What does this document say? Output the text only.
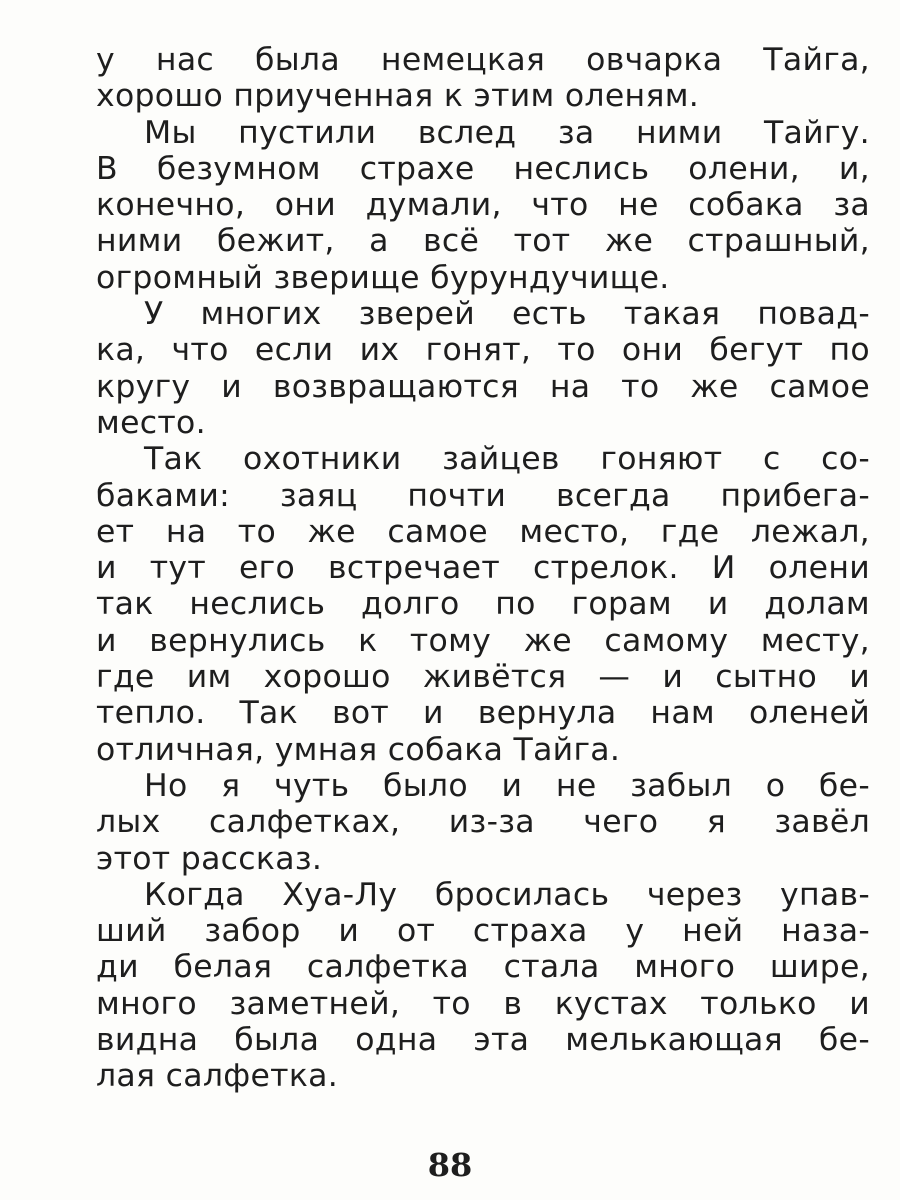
у нас была немецкая овчарка Тайга,
хорошо приученная к этим оленям.
Мы пустили вслед за ними Тайгу.
В безумном страхе неслись олени, и,
конечно, они думали, что не собака за
ними бежит, а всё тот же страшный,
огромный зверище бурундучище.
У многих зверей есть такая повад-
ка, что если их гонят, то они бегут по
кругу и возвращаются на то же самое
место.
Так охотники зайцев гоняют с со-
баками: заяц почти всегда прибега-
ет на то же самое место, где лежал,
и тут его встречает стрелок. И олени
так неслись долго по горам и долам
и вернулись к тому же самому месту,
где им хорошо живётся — и сытно и
тепло. Так вот и вернула нам оленей
отличная, умная собака Тайга.
Но я чуть было и не забыл о бе-
лых салфетках, из-за чего я завёл
этот рассказ.
Когда Хуа-Лу бросилась через упав-
ший забор и от страха у ней наза-
ди белая салфетка стала много шире,
много заметней, то в кустах только и
видна была одна эта мелькающая бе-
лая салфетка.
88
